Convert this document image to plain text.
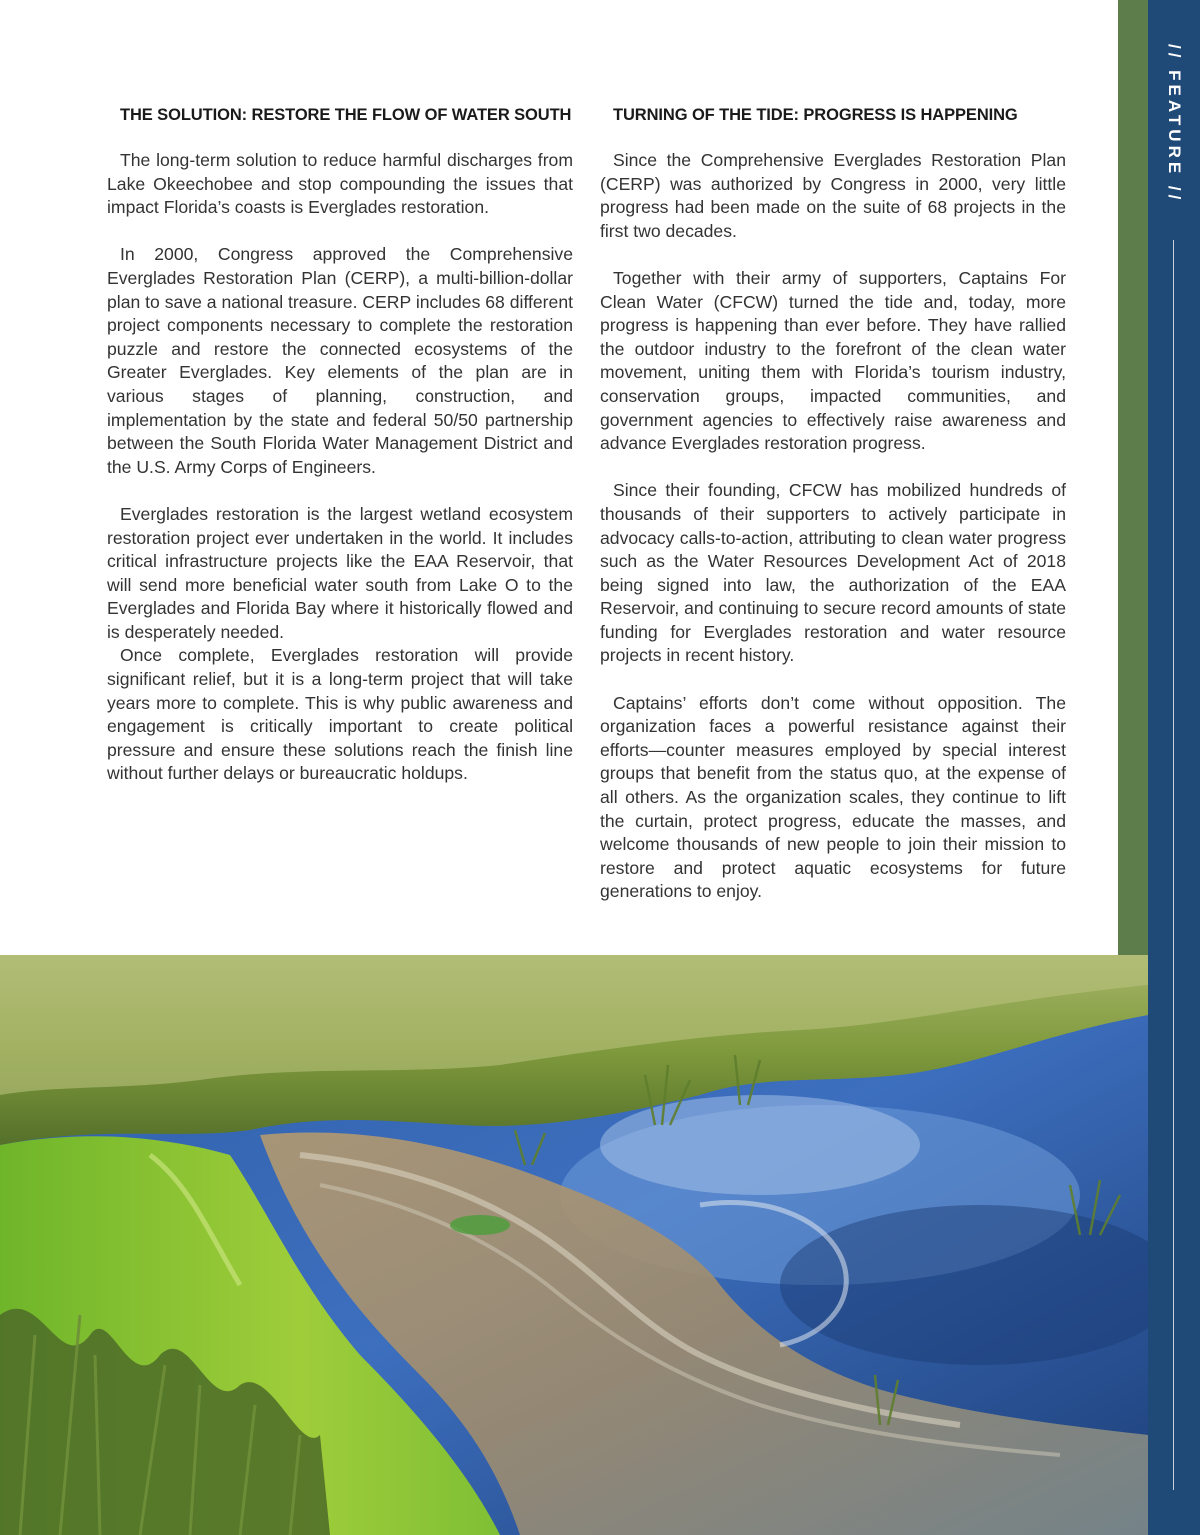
THE SOLUTION: RESTORE THE FLOW OF WATER SOUTH

The long-term solution to reduce harmful discharges from Lake Okeechobee and stop compounding the issues that impact Florida’s coasts is Everglades restoration.

In 2000, Congress approved the Comprehensive Everglades Restoration Plan (CERP), a multi-billion-dollar plan to save a national treasure. CERP includes 68 different project components necessary to complete the restoration puzzle and restore the connected ecosystems of the Greater Everglades. Key elements of the plan are in various stages of planning, construction, and implementation by the state and federal 50/50 partnership between the South Florida Water Management District and the U.S. Army Corps of Engineers.

Everglades restoration is the largest wetland ecosystem restoration project ever undertaken in the world. It includes critical infrastructure projects like the EAA Reservoir, that will send more beneficial water south from Lake O to the Everglades and Florida Bay where it historically flowed and is desperately needed.

Once complete, Everglades restoration will provide significant relief, but it is a long-term project that will take years more to complete. This is why public awareness and engagement is critically important to create political pressure and ensure these solutions reach the finish line without further delays or bureaucratic holdups.

TURNING OF THE TIDE: PROGRESS IS HAPPENING

Since the Comprehensive Everglades Restoration Plan (CERP) was authorized by Congress in 2000, very little progress had been made on the suite of 68 projects in the first two decades.

Together with their army of supporters, Captains For Clean Water (CFCW) turned the tide and, today, more progress is happening than ever before. They have rallied the outdoor industry to the forefront of the clean water movement, uniting them with Florida’s tourism industry, conservation groups, impacted communities, and government agencies to effectively raise awareness and advance Everglades restoration progress.

Since their founding, CFCW has mobilized hundreds of thousands of their supporters to actively participate in advocacy calls-to-action, attributing to clean water progress such as the Water Resources Development Act of 2018 being signed into law, the authorization of the EAA Reservoir, and continuing to secure record amounts of state funding for Everglades restoration and water resource projects in recent history.

Captains’ efforts don’t come without opposition. The organization faces a powerful resistance against their efforts—counter measures employed by special interest groups that benefit from the status quo, at the expense of all others. As the organization scales, they continue to lift the curtain, protect progress, educate the masses, and welcome thousands of new people to join their mission to restore and protect aquatic ecosystems for future generations to enjoy.

// FEATURE //
